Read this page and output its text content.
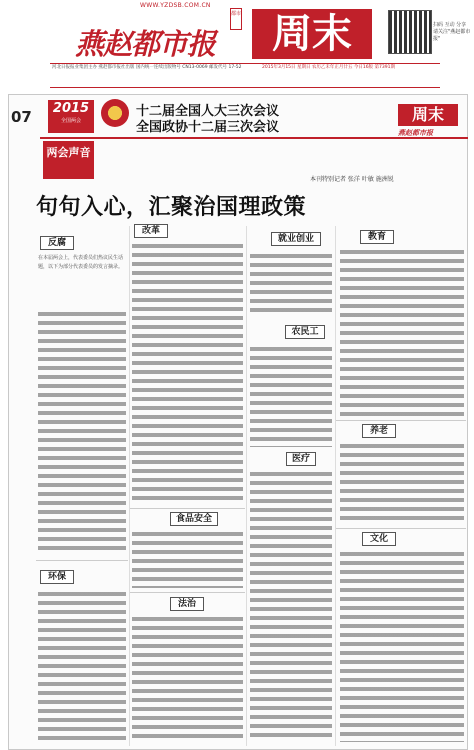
WWW.YZDSB.COM.CN
燕赵都市报
都市 周末	扫码 互动 分享 请关注"燕赵都市报"
河北日报报业集团主办 燕赵都市报社出版 国内统一连续出版物号 CN13-0069 邮发代号 17-52	2015年3月15日 星期日 农历乙未年正月廿五 今日16版 第7391期
07	2015
全国两会
十二届全国人大三次会议
全国政协十二届三次会议
周末
燕赵都市报
两会声音
本刊特别记者 张洋 叶敏 施洲锐
句句入心，汇聚治国理政策
反腐
在本届两会上，代表委员们热议民生话题，以下为部分代表委员的发言摘录。
环保
改革
食品安全
法治
就业创业
农民工
医疗
教育
养老
文化
